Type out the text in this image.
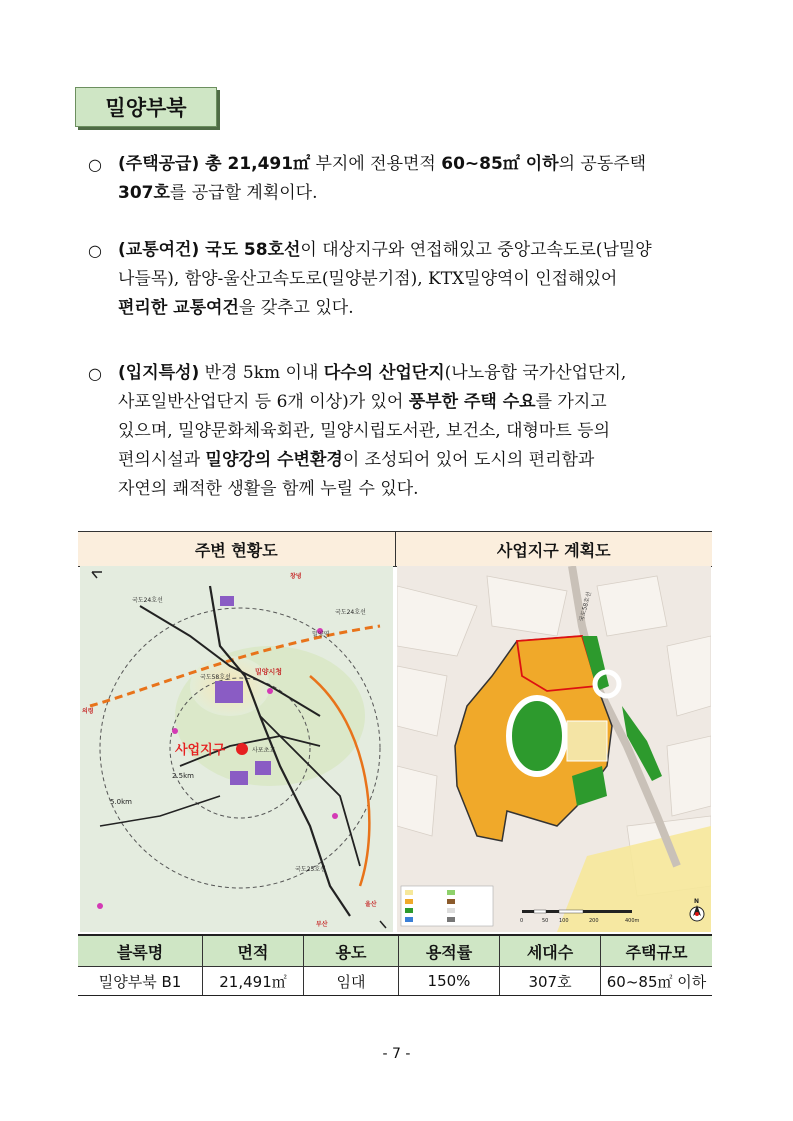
밀양부북
○ (주택공급) 총 21,491㎡ 부지에 전용면적 60~85㎡ 이하의 공동주택
307호를 공급할 계획이다.
○ (교통여건) 국도 58호선이 대상지구와 연접해있고 중앙고속도로(남밀양
나들목), 함양-울산고속도로(밀양분기점), KTX밀양역이 인접해있어
편리한 교통여건을 갖추고 있다.
○ (입지특성) 반경 5km 이내 다수의 산업단지(나노융합 국가산업단지,
사포일반산업단지 등 6개 이상)가 있어 풍부한 주택 수요를 가지고
있으며, 밀양문화체육회관, 밀양시립도서관, 보건소, 대형마트 등의
편의시설과 밀양강의 수변환경이 조성되어 있어 도시의 편리함과
자연의 쾌적한 생활을 함께 누릴 수 있다.
주변 현황도	사업지구 계획도
사업지구
2.5km
5.0km
국도24호선
국도58호선
국도24호선
국도25호선
밀양시청
사포초교
밀양역
창녕
의령
부산
울산
국도58호선
0	50 100	200	400m
N
블록명	면적	용도	용적률	세대수	주택규모
밀양부북 B1	21,491㎡	임대	150%	307호	60~85㎡ 이하
- 7 -
